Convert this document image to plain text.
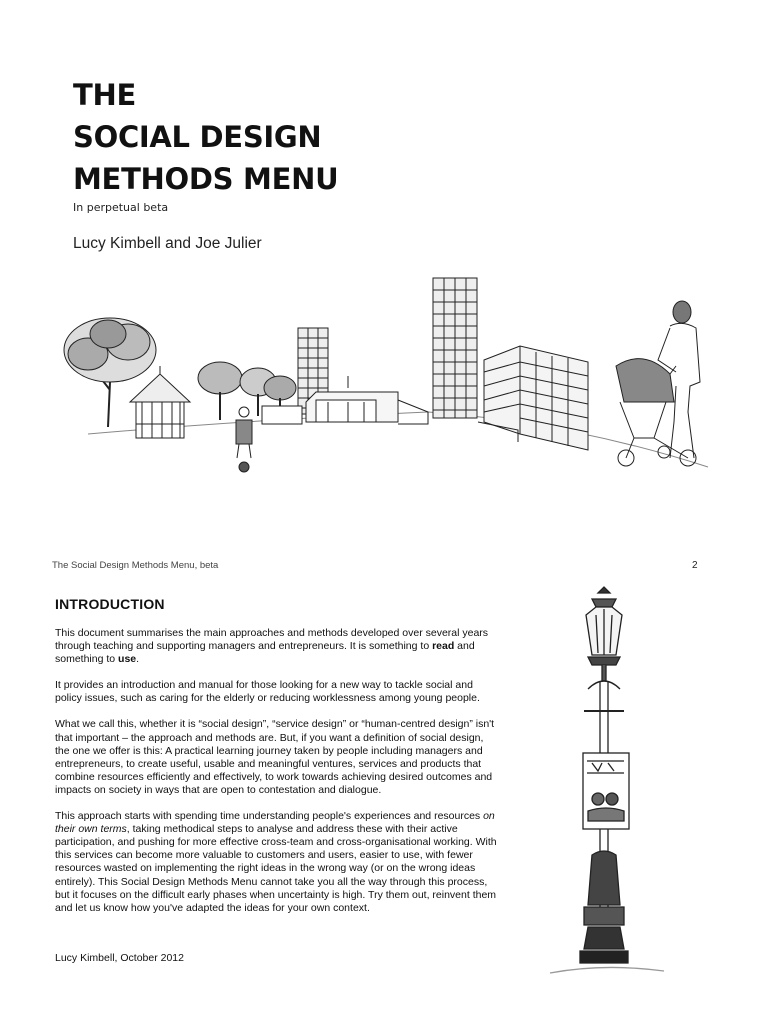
THE
SOCIAL DESIGN
METHODS MENU
In perpetual beta
Lucy Kimbell and Joe Julier
The Social Design Methods Menu, beta	2
INTRODUCTION

This document summarises the main approaches and methods developed over several years through teaching and supporting managers and entrepreneurs. It is something to read and something to use.

It provides an introduction and manual for those looking for a new way to tackle social and policy issues, such as caring for the elderly or reducing worklessness among young people.

What we call this, whether it is “social design”, “service design” or “human-centred design” isn't that important – the approach and methods are. But, if you want a definition of social design, the one we offer is this: A practical learning journey taken by people including managers and entrepreneurs, to create useful, usable and meaningful ventures, services and products that combine resources efficiently and effectively, to work towards achieving desired outcomes and impacts on society in ways that are open to contestation and dialogue.

This approach starts with spending time understanding people's experiences and resources on their own terms, taking methodical steps to analyse and address these with their active participation, and pushing for more effective cross-team and cross-organisational working. With this services can become more valuable to customers and users, easier to use, with fewer resources wasted on implementing the right ideas in the wrong way (or on the wrong ideas entirely). This Social Design Methods Menu cannot take you all the way through this process, but it focuses on the difficult early phases when uncertainty is high. Try them out, reinvent them and let us know how you've adapted the ideas for your own context.

Lucy Kimbell, October 2012
